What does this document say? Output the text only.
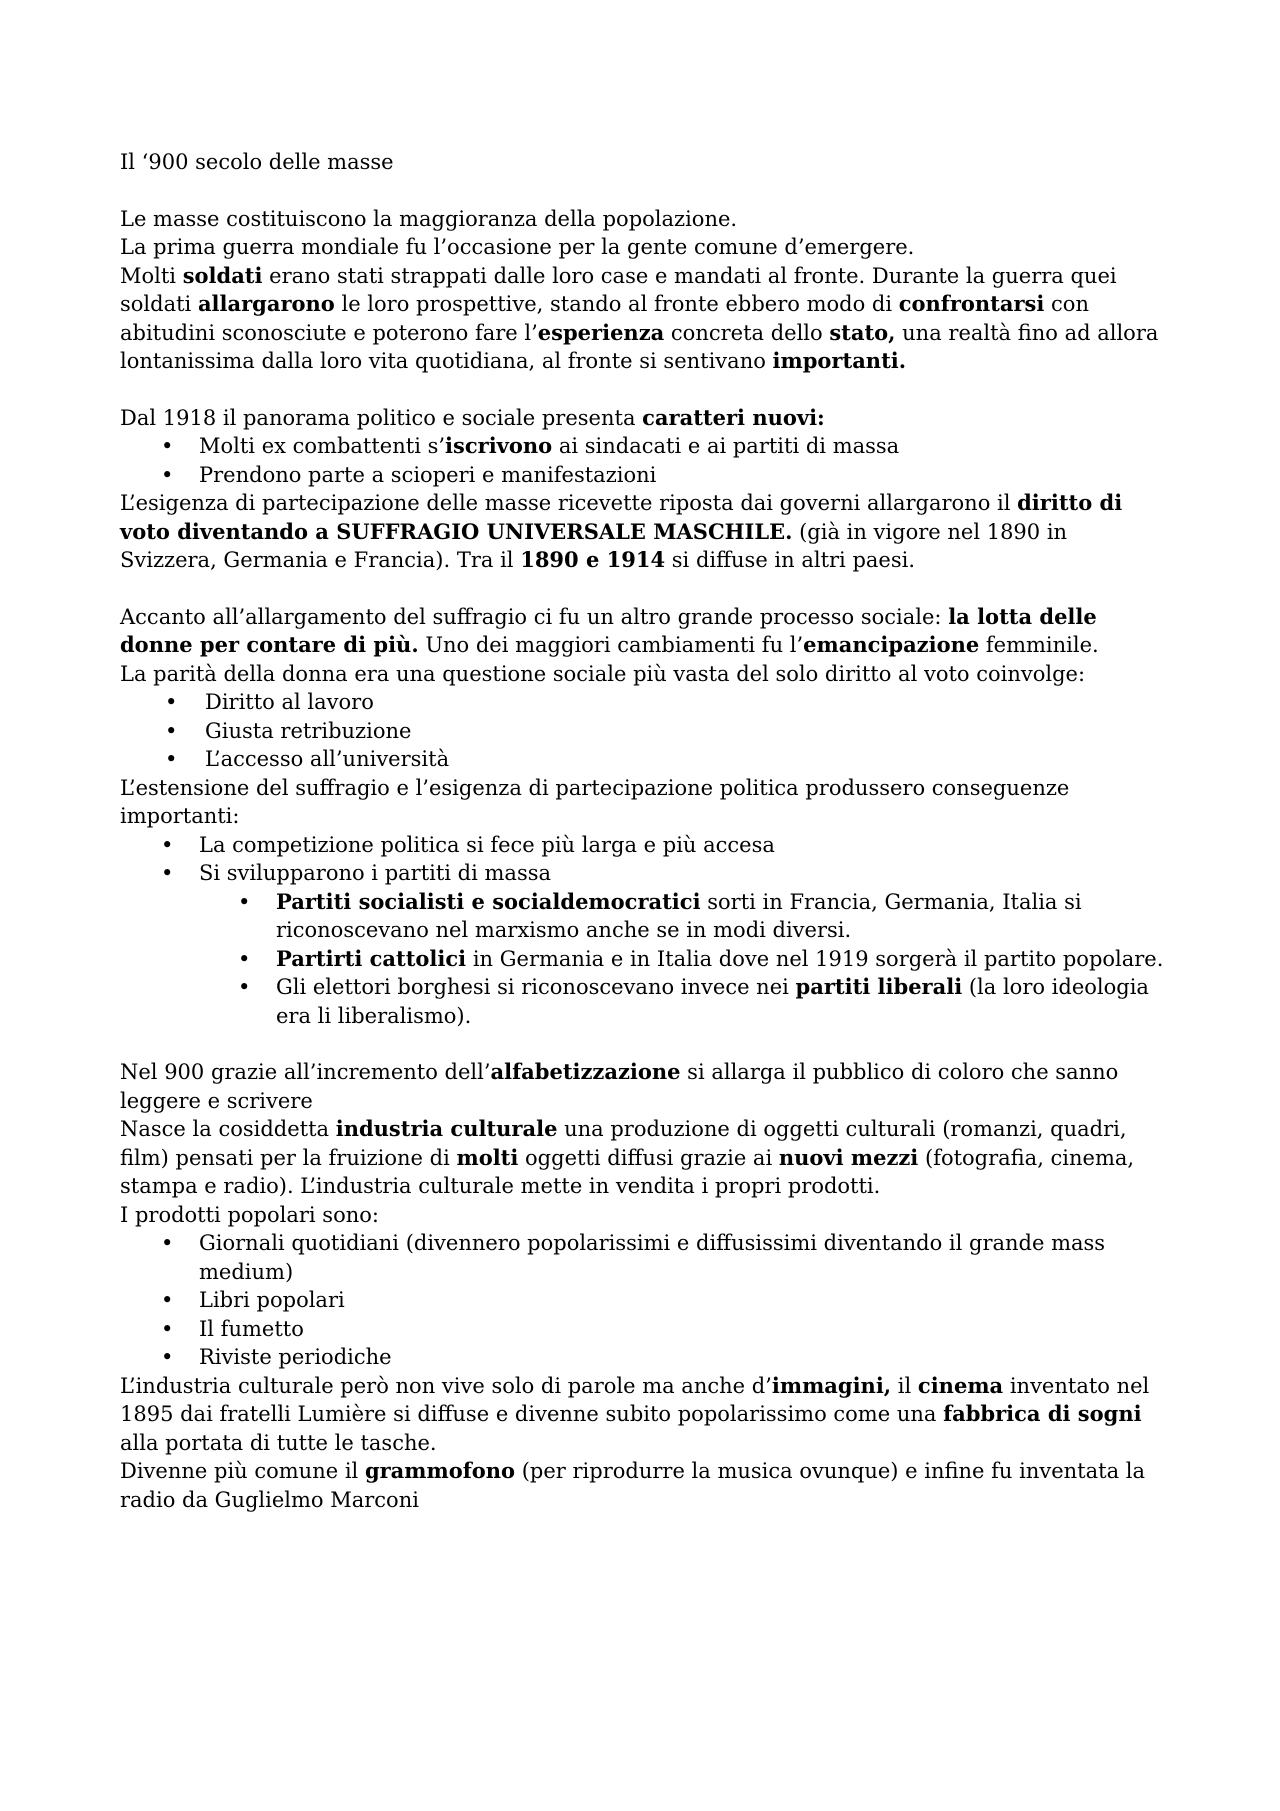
Il ‘900 secolo delle masse

Le masse costituiscono la maggioranza della popolazione.

La prima guerra mondiale fu l’occasione per la gente comune d’emergere.

Molti soldati erano stati strappati dalle loro case e mandati al fronte. Durante la guerra quei soldati allargarono le loro prospettive, stando al fronte ebbero modo di confrontarsi con abitudini sconosciute e poterono fare l’esperienza concreta dello stato, una realtà fino ad allora lontanissima dalla loro vita quotidiana, al fronte si sentivano importanti.

Dal 1918 il panorama politico e sociale presenta caratteri nuovi:

• Molti ex combattenti s’iscrivono ai sindacati e ai partiti di massa
• Prendono parte a scioperi e manifestazioni

L’esigenza di partecipazione delle masse ricevette riposta dai governi allargarono il diritto di voto diventando a SUFFRAGIO UNIVERSALE MASCHILE. (già in vigore nel 1890 in Svizzera, Germania e Francia). Tra il 1890 e 1914 si diffuse in altri paesi.

Accanto all’allargamento del suffragio ci fu un altro grande processo sociale: la lotta delle donne per contare di più. Uno dei maggiori cambiamenti fu l’emancipazione femminile.

La parità della donna era una questione sociale più vasta del solo diritto al voto coinvolge:

• Diritto al lavoro
• Giusta retribuzione
• L’accesso all’università

L’estensione del suffragio e l’esigenza di partecipazione politica produssero conseguenze importanti:

• La competizione politica si fece più larga e più accesa
• Si svilupparono i partiti di massa
• Partiti socialisti e socialdemocratici sorti in Francia, Germania, Italia si riconoscevano nel marxismo anche se in modi diversi.
• Partirti cattolici in Germania e in Italia dove nel 1919 sorgerà il partito popolare.
• Gli elettori borghesi si riconoscevano invece nei partiti liberali (la loro ideologia era li liberalismo).

Nel 900 grazie all’incremento dell’alfabetizzazione si allarga il pubblico di coloro che sanno leggere e scrivere

Nasce la cosiddetta industria culturale una produzione di oggetti culturali (romanzi, quadri, film) pensati per la fruizione di molti oggetti diffusi grazie ai nuovi mezzi (fotografia, cinema, stampa e radio). L’industria culturale mette in vendita i propri prodotti.

I prodotti popolari sono:

• Giornali quotidiani (divennero popolarissimi e diffusissimi diventando il grande mass medium)
• Libri popolari
• Il fumetto
• Riviste periodiche

L’industria culturale però non vive solo di parole ma anche d’immagini, il cinema inventato nel 1895 dai fratelli Lumière si diffuse e divenne subito popolarissimo come una fabbrica di sogni alla portata di tutte le tasche.

Divenne più comune il grammofono (per riprodurre la musica ovunque) e infine fu inventata la radio da Guglielmo Marconi
